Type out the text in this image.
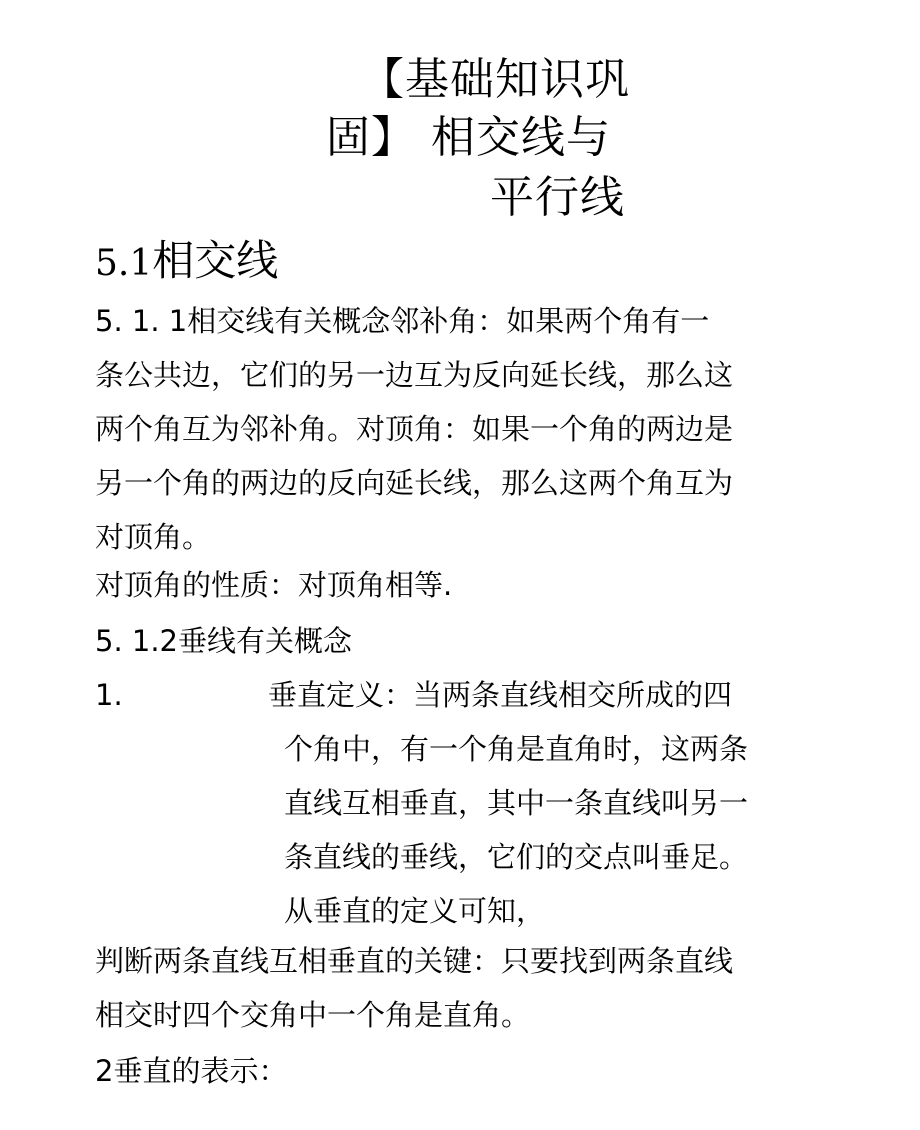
【基础知识巩
固】 相交线与
平行线
5.1相交线
5. 1. 1相交线有关概念邻补角：如果两个角有一
条公共边，它们的另一边互为反向延长线，那么这
两个角互为邻补角。对顶角：如果一个角的两边是
另一个角的两边的反向延长线，那么这两个角互为
对顶角。
对顶角的性质：对顶角相等.
5. 1.2垂线有关概念
1.	垂直定义：当两条直线相交所成的四
个角中，有一个角是直角时，这两条
直线互相垂直，其中一条直线叫另一
条直线的垂线，它们的交点叫垂足。
从垂直的定义可知，
判断两条直线互相垂直的关键：只要找到两条直线
相交时四个交角中一个角是直角。
2垂直的表示：
